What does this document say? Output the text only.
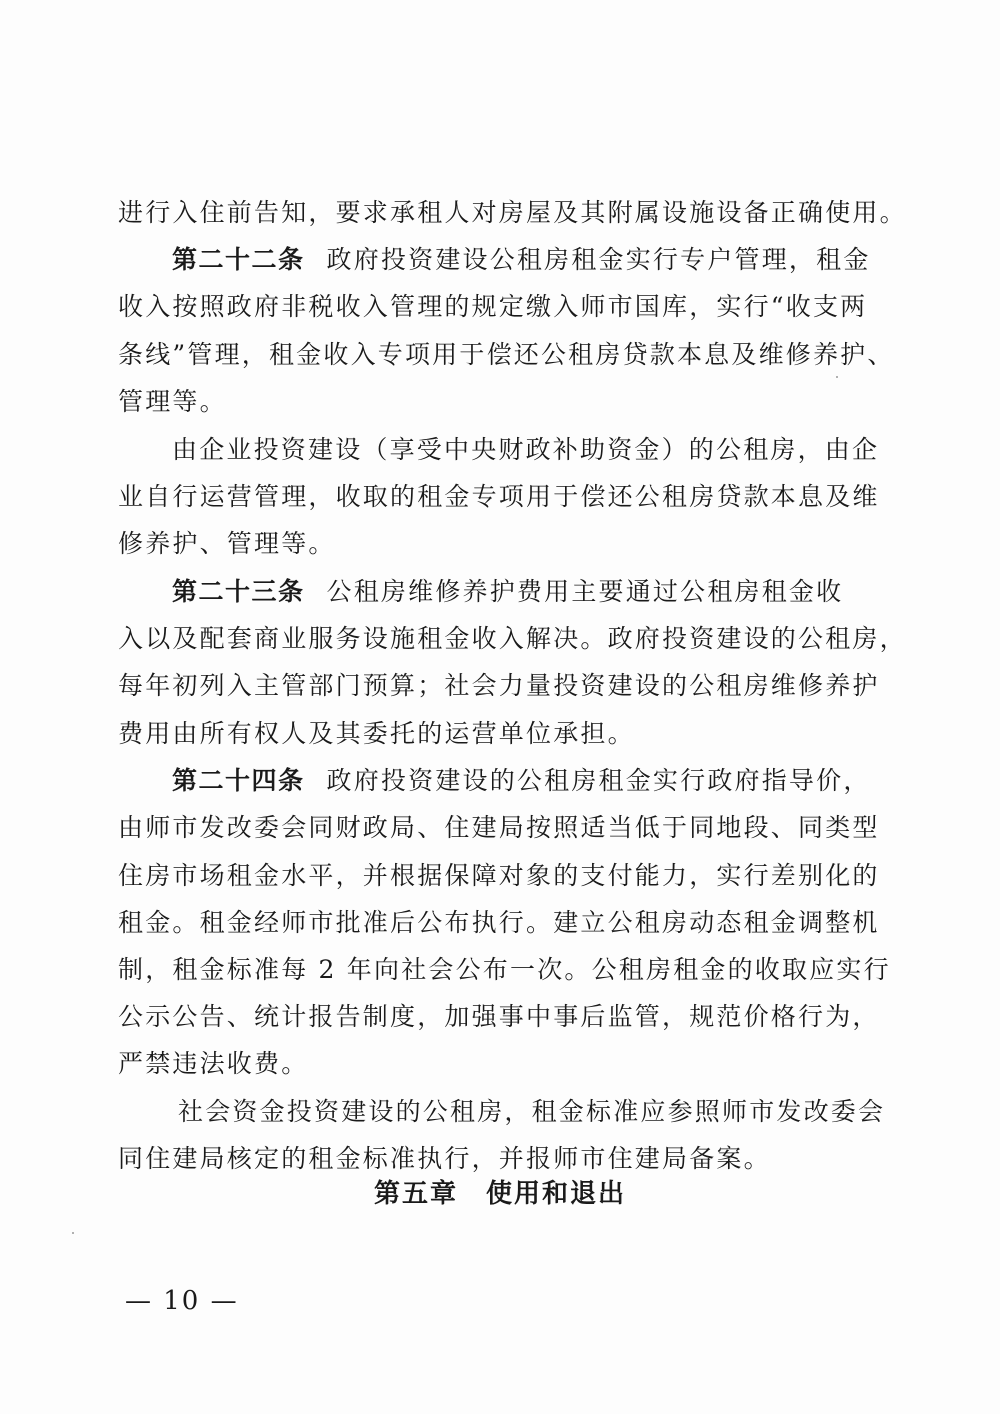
进行入住前告知，要求承租人对房屋及其附属设施设备正确使用。
第二十二条 政府投资建设公租房租金实行专户管理，租金
收入按照政府非税收入管理的规定缴入师市国库，实行“收支两
条线”管理，租金收入专项用于偿还公租房贷款本息及维修养护、
管理等。
由企业投资建设（享受中央财政补助资金）的公租房，由企
业自行运营管理，收取的租金专项用于偿还公租房贷款本息及维
修养护、管理等。
第二十三条 公租房维修养护费用主要通过公租房租金收
入以及配套商业服务设施租金收入解决。政府投资建设的公租房，
每年初列入主管部门预算；社会力量投资建设的公租房维修养护
费用由所有权人及其委托的运营单位承担。
第二十四条 政府投资建设的公租房租金实行政府指导价，
由师市发改委会同财政局、住建局按照适当低于同地段、同类型
住房市场租金水平，并根据保障对象的支付能力，实行差别化的
租金。租金经师市批准后公布执行。建立公租房动态租金调整机
制，租金标准每 2 年向社会公布一次。公租房租金的收取应实行
公示公告、统计报告制度，加强事中事后监管，规范价格行为，
严禁违法收费。
社会资金投资建设的公租房，租金标准应参照师市发改委会
同住建局核定的租金标准执行，并报师市住建局备案。
第五章　使用和退出
— 10 —
